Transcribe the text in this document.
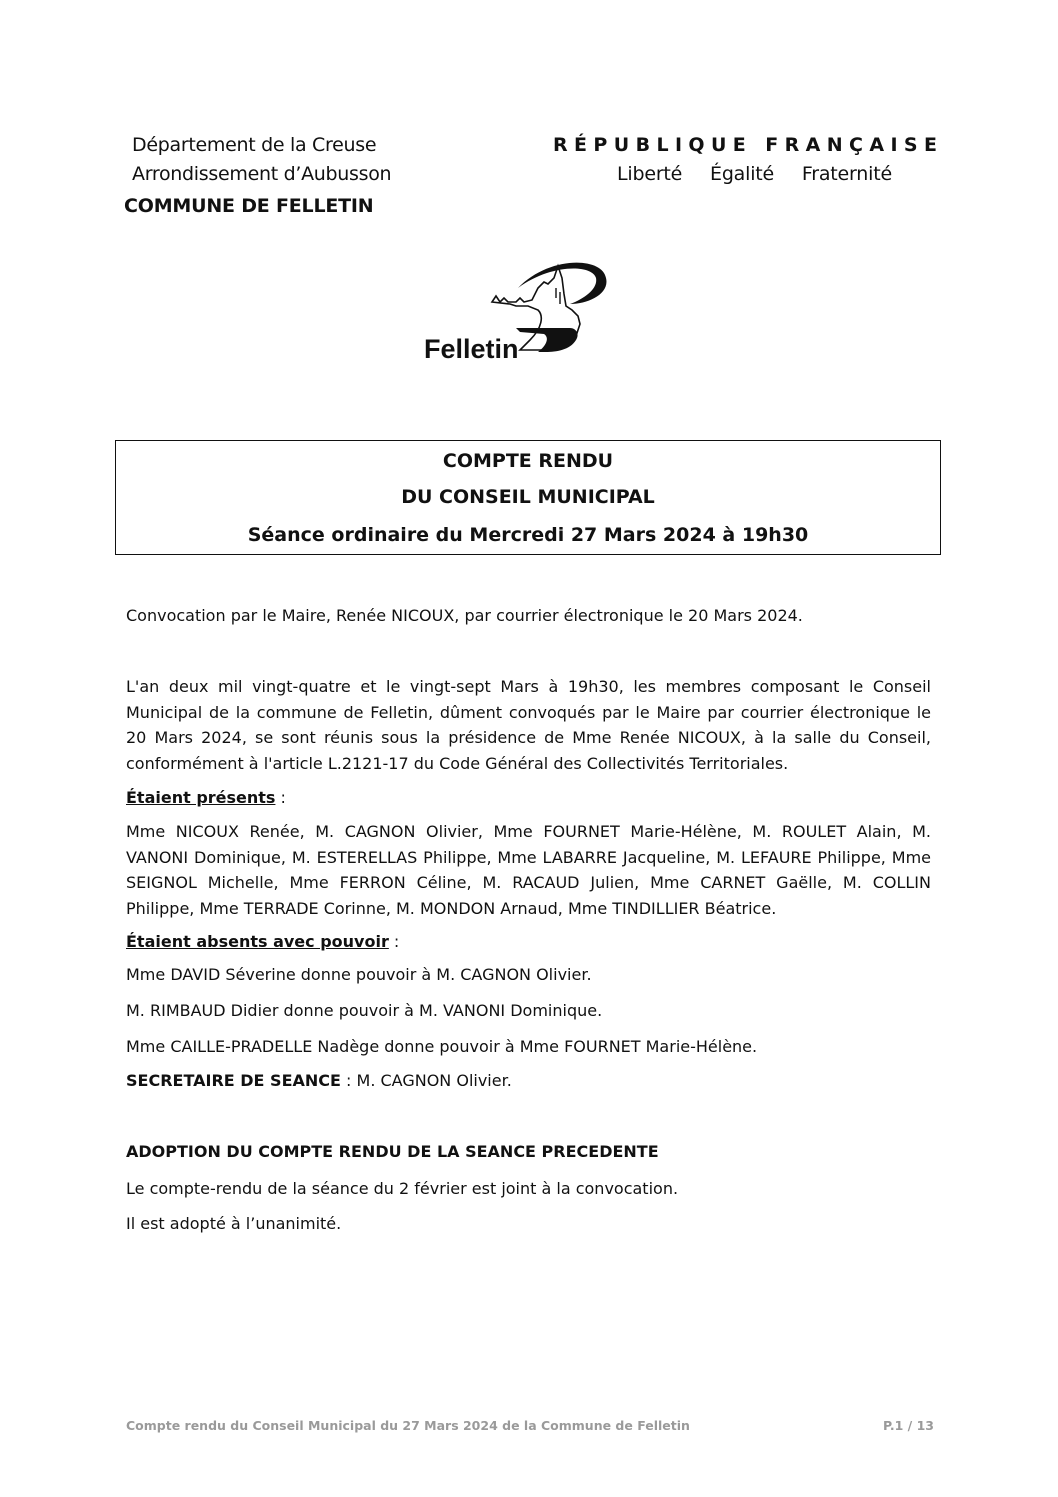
Département de la Creuse
Arrondissement d’Aubusson
COMMUNE DE FELLETIN
RÉPUBLIQUE FRANÇAISE
Liberté Égalité Fraternité
Felletin
COMPTE RENDU
DU CONSEIL MUNICIPAL
Séance ordinaire du Mercredi 27 Mars 2024 à 19h30
Convocation par le Maire, Renée NICOUX, par courrier électronique le 20 Mars 2024.
L'an deux mil vingt-quatre et le vingt-sept Mars à 19h30, les membres composant le Conseil Municipal de la commune de Felletin, dûment convoqués par le Maire par courrier électronique le 20 Mars 2024, se sont réunis sous la présidence de Mme Renée NICOUX, à la salle du Conseil, conformément à l'article L.2121-17 du Code Général des Collectivités Territoriales.
Étaient présents :
Mme NICOUX Renée, M. CAGNON Olivier, Mme FOURNET Marie-Hélène, M. ROULET Alain, M. VANONI Dominique, M. ESTERELLAS Philippe, Mme LABARRE Jacqueline, M. LEFAURE Philippe, Mme SEIGNOL Michelle, Mme FERRON Céline, M. RACAUD Julien, Mme CARNET Gaëlle, M. COLLIN Philippe, Mme TERRADE Corinne, M. MONDON Arnaud, Mme TINDILLIER Béatrice.
Étaient absents avec pouvoir :
Mme DAVID Séverine donne pouvoir à M. CAGNON Olivier.
M. RIMBAUD Didier donne pouvoir à M. VANONI Dominique.
Mme CAILLE-PRADELLE Nadège donne pouvoir à Mme FOURNET Marie-Hélène.
SECRETAIRE DE SEANCE : M. CAGNON Olivier.
ADOPTION DU COMPTE RENDU DE LA SEANCE PRECEDENTE
Le compte-rendu de la séance du 2 février est joint à la convocation.
Il est adopté à l’unanimité.
Compte rendu du Conseil Municipal du 27 Mars 2024 de la Commune de Felletin	P.1 / 13
